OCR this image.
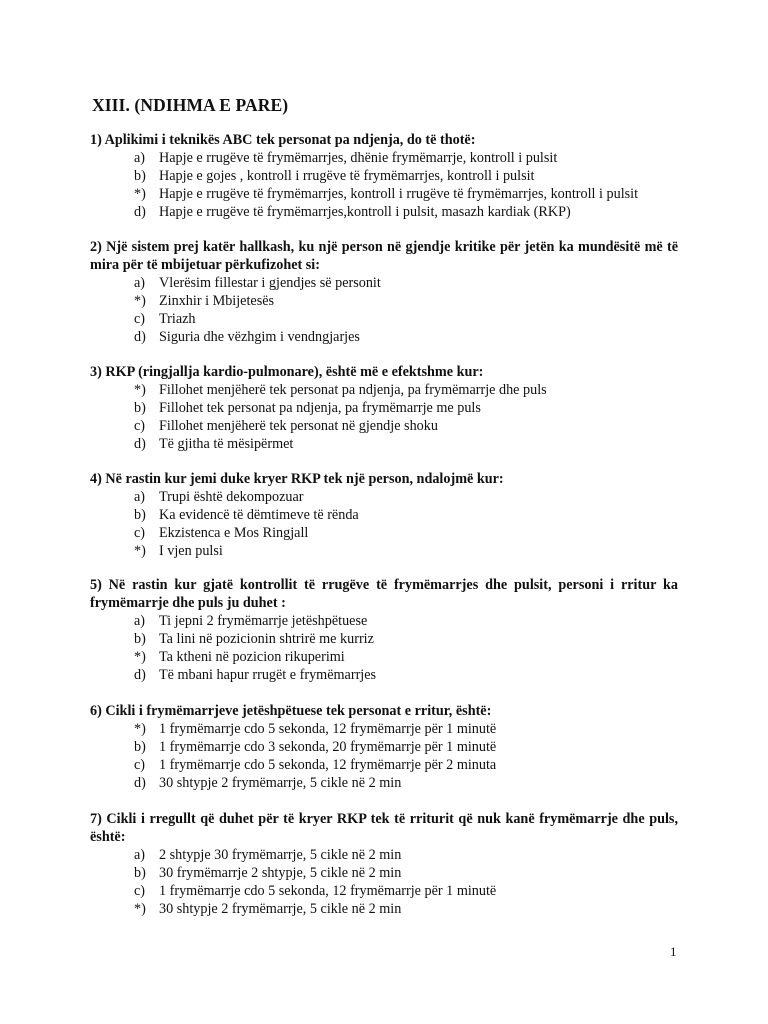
XIII. (NDIHMA E PARE)
1) Aplikimi i teknikës ABC tek personat pa ndjenja, do të thotë:
a) Hapje e rrugëve të frymëmarrjes, dhënie frymëmarrje, kontroll i pulsit
b) Hapje e gojes , kontroll i rrugëve të frymëmarrjes, kontroll i pulsit
*) Hapje e rrugëve të frymëmarrjes, kontroll i rrugëve të frymëmarrjes, kontroll i pulsit
d) Hapje e rrugëve të frymëmarrjes,kontroll i pulsit, masazh kardiak (RKP)
2) Një sistem prej katër hallkash, ku një person në gjendje kritike për jetën ka mundësitë më të mira për të mbijetuar përkufizohet si:
a) Vlerësim fillestar i gjendjes së personit
*) Zinxhir i Mbijetesës
c) Triazh
d) Siguria dhe vëzhgim i vendngjarjes
3) RKP (ringjallja kardio-pulmonare), është më e efektshme kur:
*) Fillohet menjëherë tek personat pa ndjenja, pa frymëmarrje dhe puls
b) Fillohet tek personat pa ndjenja, pa frymëmarrje me puls
c) Fillohet menjëherë tek personat në gjendje shoku
d) Të gjitha të mësipërmet
4) Në rastin kur jemi duke kryer RKP tek një person, ndalojmë kur:
a) Trupi është dekompozuar
b) Ka evidencë të dëmtimeve të rënda
c) Ekzistenca e Mos Ringjall
*) I vjen pulsi
5) Në rastin kur gjatë kontrollit të rrugëve të frymëmarrjes dhe pulsit, personi i rritur ka frymëmarrje dhe puls ju duhet :
a) Ti jepni 2 frymëmarrje jetëshpëtuese
b) Ta lini në pozicionin shtrirë me kurriz
*) Ta ktheni në pozicion rikuperimi
d) Të mbani hapur rrugët e frymëmarrjes
6) Cikli i frymëmarrjeve jetëshpëtuese tek personat e rritur, është:
*) 1 frymëmarrje cdo 5 sekonda, 12 frymëmarrje për 1 minutë
b) 1 frymëmarrje cdo 3 sekonda, 20 frymëmarrje për 1 minutë
c) 1 frymëmarrje cdo 5 sekonda, 12 frymëmarrje për 2 minuta
d) 30 shtypje 2 frymëmarrje, 5 cikle në 2 min
7) Cikli i rregullt që duhet për të kryer RKP tek të rriturit që nuk kanë frymëmarrje dhe puls, është:
a) 2 shtypje 30 frymëmarrje, 5 cikle në 2 min
b) 30 frymëmarrje 2 shtypje, 5 cikle në 2 min
c) 1 frymëmarrje cdo 5 sekonda, 12 frymëmarrje për 1 minutë
*) 30 shtypje 2 frymëmarrje, 5 cikle në 2 min
1
